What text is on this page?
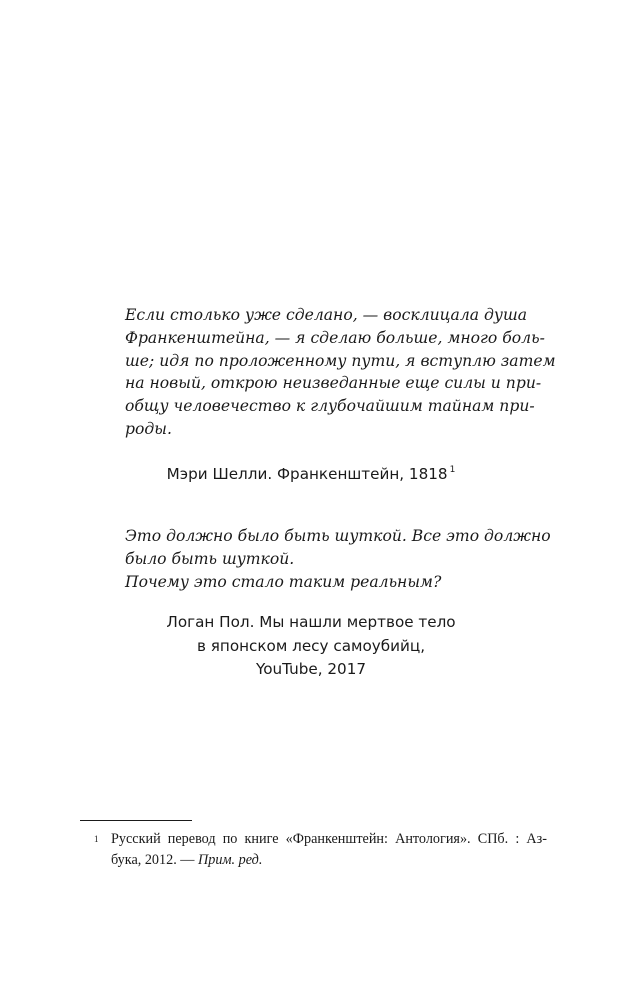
Если столько уже сделано, — восклицала душа
Франкенштейна, — я сделаю больше, много боль-
ше; идя по проложенному пути, я вступлю затем
на новый, открою неизведанные еще силы и при-
общу человечество к глубочайшим тайнам при-
роды.

Мэри Шелли. Франкенштейн, 1818 $^1$

Это должно было быть шуткой. Все это должно
было быть шуткой.
Почему это стало таким реальным?

Логан Пол. Мы нашли мертвое тело
в японском лесу самоубийц,
YouTube, 2017

1 Русский перевод по книге «Франкенштейн: Антология». СПб. : Аз-
бука, 2012. — Прим. ред.
